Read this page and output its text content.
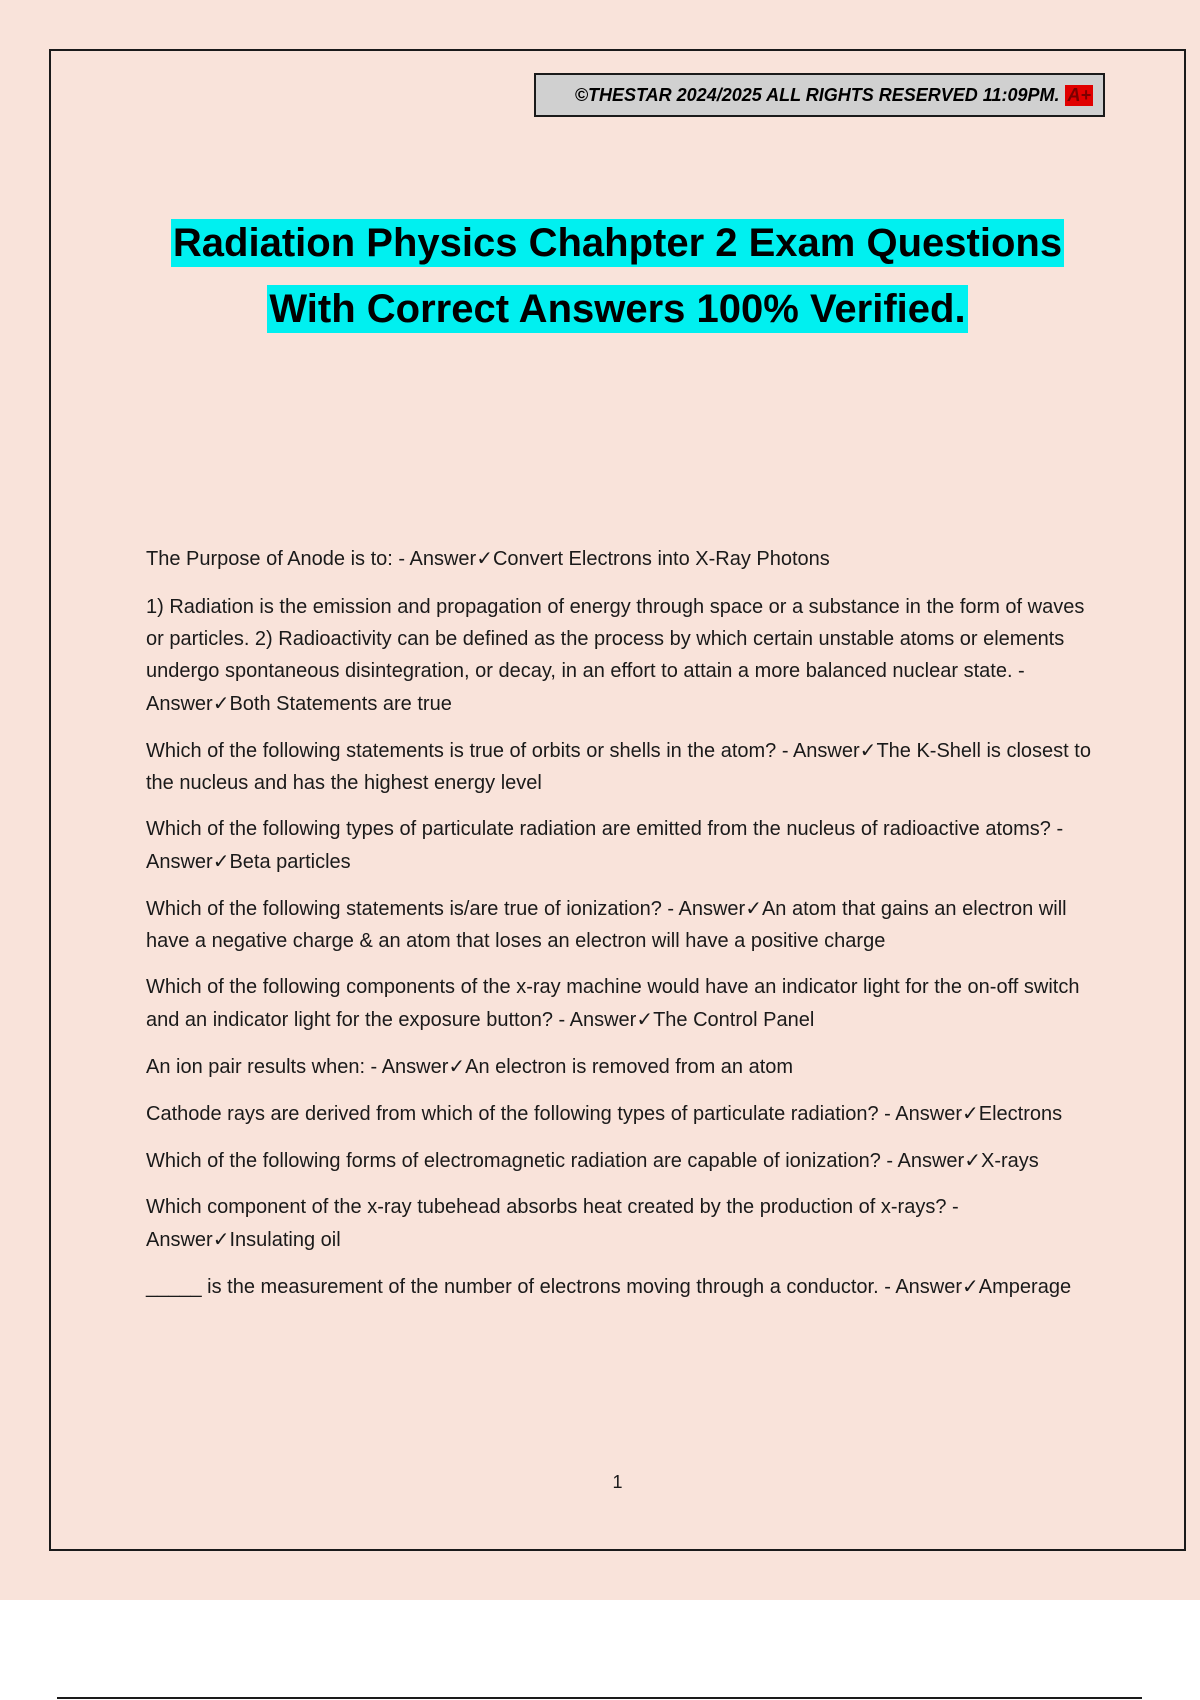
©THESTAR 2024/2025 ALL RIGHTS RESERVED 11:09PM. A+
Radiation Physics Chahpter 2 Exam Questions
With Correct Answers 100% Verified.

The Purpose of Anode is to: - Answer✓Convert Electrons into X-Ray Photons

1) Radiation is the emission and propagation of energy through space or a substance in the form of waves or particles. 2) Radioactivity can be defined as the process by which certain unstable atoms or elements undergo spontaneous disintegration, or decay, in an effort to attain a more balanced nuclear state. - Answer✓Both Statements are true

Which of the following statements is true of orbits or shells in the atom? - Answer✓The K-Shell is closest to the nucleus and has the highest energy level

Which of the following types of particulate radiation are emitted from the nucleus of radioactive atoms? - Answer✓Beta particles

Which of the following statements is/are true of ionization? - Answer✓An atom that gains an electron will have a negative charge & an atom that loses an electron will have a positive charge

Which of the following components of the x-ray machine would have an indicator light for the on-off switch and an indicator light for the exposure button? - Answer✓The Control Panel

An ion pair results when: - Answer✓An electron is removed from an atom

Cathode rays are derived from which of the following types of particulate radiation? - Answer✓Electrons

Which of the following forms of electromagnetic radiation are capable of ionization? - Answer✓X-rays

Which component of the x-ray tubehead absorbs heat created by the production of x-rays? - Answer✓Insulating oil

_____ is the measurement of the number of electrons moving through a conductor. - Answer✓Amperage

1
